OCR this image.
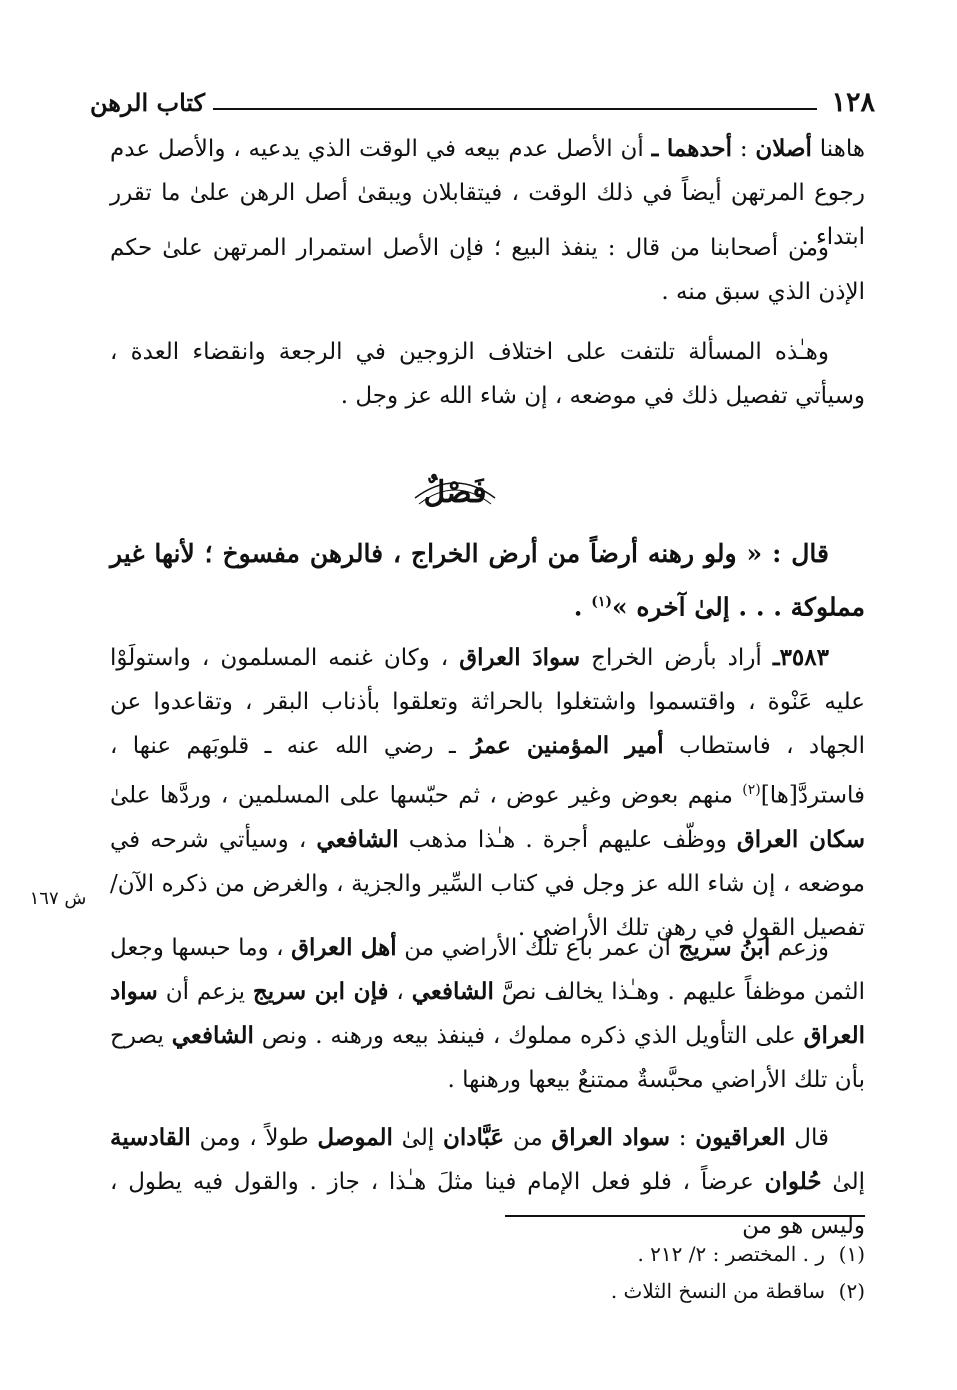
١٢٨
كتاب الرهن
هاهنا أصلان : أحدهما ـ أن الأصل عدم بيعه في الوقت الذي يدعيه ، والأصل عدم رجوع المرتهن أيضاً في ذلك الوقت ، فيتقابلان ويبقىٰ أصل الرهن علىٰ ما تقرر ابتداء .
ومن أصحابنا من قال : ينفذ البيع ؛ فإن الأصل استمرار المرتهن علىٰ حكم الإذن الذي سبق منه .
وهـٰذه المسألة تلتفت على اختلاف الزوجين في الرجعة وانقضاء العدة ، وسيأتي تفصيل ذلك في موضعه ، إن شاء الله عز وجل .
فَصْلٌ
قال : « ولو رهنه أرضاً من أرض الخراج ، فالرهن مفسوخ ؛ لأنها غير مملوكة . . . إلىٰ آخره »$^{(١)}$ .
٣٥٨٣ـ أراد بأرض الخراج سوادَ العراق ، وكان غنمه المسلمون ، واستولَوْا عليه عَنْوة ، واقتسموا واشتغلوا بالحراثة وتعلقوا بأذناب البقر ، وتقاعدوا عن الجهاد ، فاستطاب أمير المؤمنين عمرُ ـ رضي الله عنه ـ قلوبَهم عنها ، فاستردَّ[ها]$^{(٢)}$ منهم بعوض وغير عوض ، ثم حبّسها على المسلمين ، وردَّها علىٰ سكان العراق ووظّف عليهم أجرة . هـٰذا مذهب الشافعي ، وسيأتي شرحه في موضعه ، إن شاء الله عز وجل في كتاب السِّير والجزية ، والغرض من ذكره الآن/ تفصيل القول في رهن تلك الأراضي .
ش ١٦٧
وزعم ابنُ سريج أن عمر باع تلك الأراضي من أهل العراق ، وما حبسها وجعل الثمن موظفاً عليهم . وهـٰذا يخالف نصَّ الشافعي ، فإن ابن سريج يزعم أن سواد العراق على التأويل الذي ذكره مملوك ، فينفذ بيعه ورهنه . ونص الشافعي يصرح بأن تلك الأراضي محبَّسةٌ ممتنعٌ بيعها ورهنها .
قال العراقيون : سواد العراق من عَبَّادان إلىٰ الموصل طولاً ، ومن القادسية إلىٰ حُلوان عرضاً ، فلو فعل الإمام فينا مثلَ هـٰذا ، جاز . والقول فيه يطول ، وليس هو من
(١)ر . المختصر : ٢/ ٢١٢ .
(٢)ساقطة من النسخ الثلاث .
